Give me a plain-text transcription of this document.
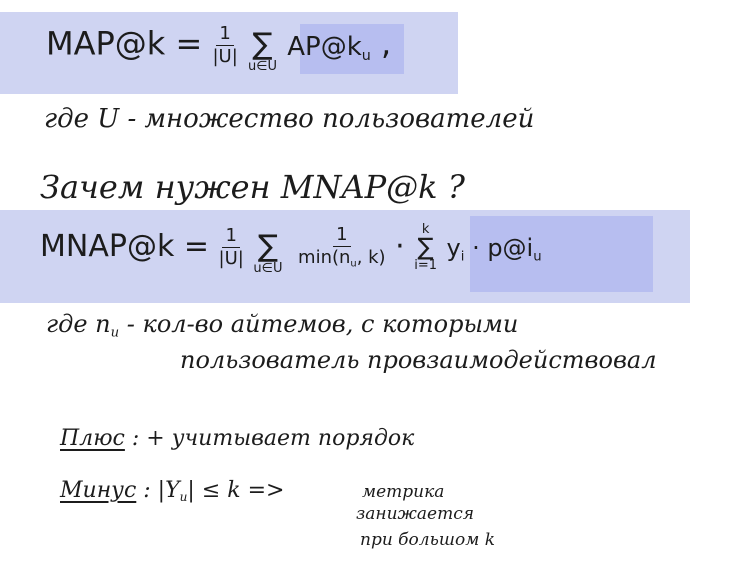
MAP@k = $\frac{1}{|U|}$
∑
u∈U
$AP@k_u$ ,
где U - множество пользователей
Зачем нужен MNAP@k ?
MNAP@k = $\frac{1}{|U|}$
∑
u∈U
$\frac{1}{\min(n_u, k)} \cdot k$
∑
i=1
$y_i$ · $p@i_u$
где $n_u - кол-во$ айтемов, с которыми
пользователь провзаимодействовал
Плюс : + учитывает порядок
Минус : $|Y_u| \le k$ =>	метрика
занижается
при большом k
